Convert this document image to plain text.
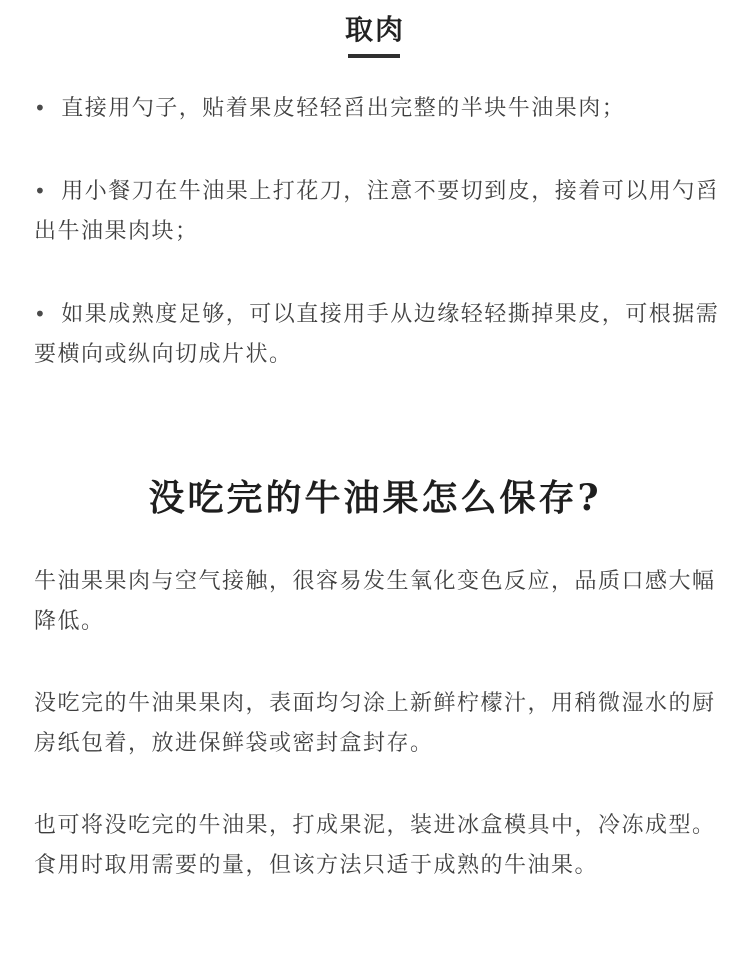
取肉
• 直接用勺子，贴着果皮轻轻舀出完整的半块牛油果肉；
• 用小餐刀在牛油果上打花刀，注意不要切到皮，接着可以用勺舀出牛油果肉块；
• 如果成熟度足够，可以直接用手从边缘轻轻撕掉果皮，可根据需要横向或纵向切成片状。
没吃完的牛油果怎么保存?

牛油果果肉与空气接触，很容易发生氧化变色反应，品质口感大幅降低。

没吃完的牛油果果肉，表面均匀涂上新鲜柠檬汁，用稍微湿水的厨房纸包着，放进保鲜袋或密封盒封存。

也可将没吃完的牛油果，打成果泥，装进冰盒模具中，冷冻成型。食用时取用需要的量，但该方法只适于成熟的牛油果。
